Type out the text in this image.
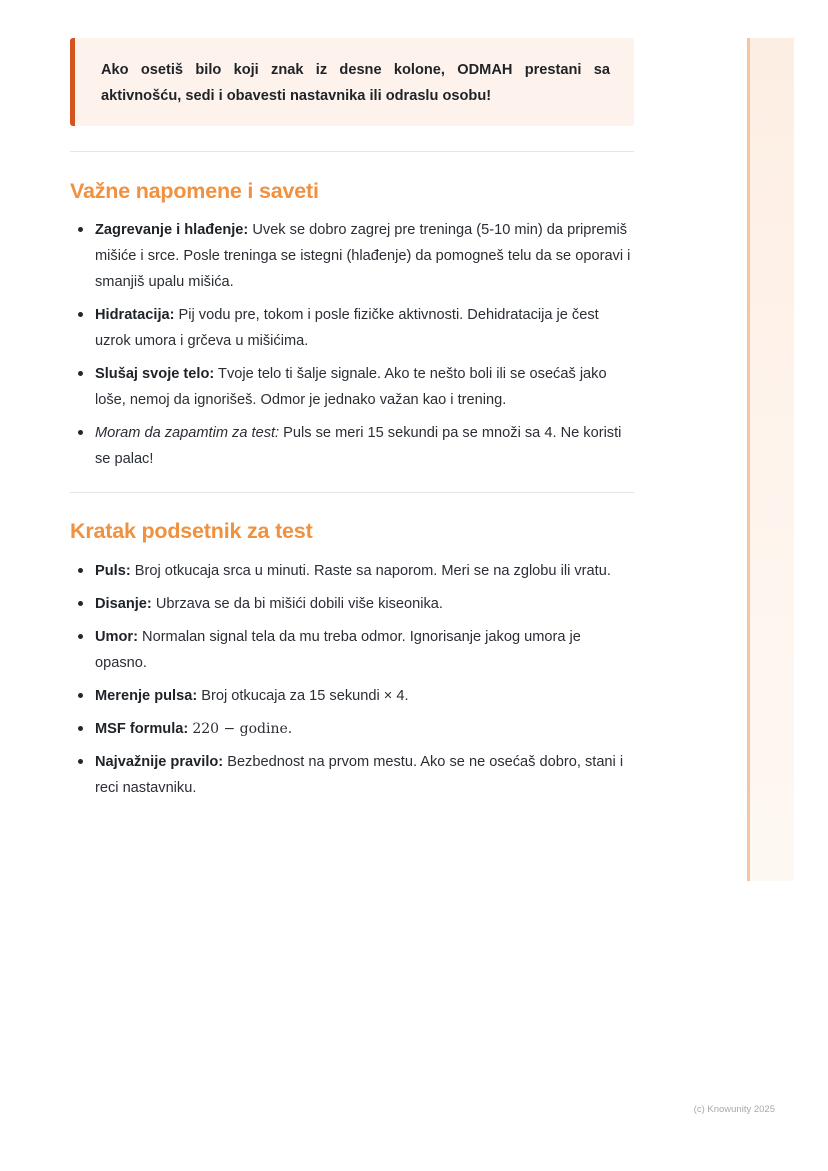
Ako osetiš bilo koji znak iz desne kolone, ODMAH prestani sa aktivnošću, sedi i obavesti nastavnika ili odraslu osobu!

Važne napomene i saveti
Zagrevanje i hlađenje: Uvek se dobro zagrej pre treninga (5-10 min) da pripremiš mišiće i srce. Posle treninga se istegni (hlađenje) da pomogneš telu da se oporavi i smanjiš upalu mišića.
Hidratacija: Pij vodu pre, tokom i posle fizičke aktivnosti. Dehidratacija je čest uzrok umora i grčeva u mišićima.
Slušaj svoje telo: Tvoje telo ti šalje signale. Ako te nešto boli ili se osećaš jako loše, nemoj da ignorišeš. Odmor je jednako važan kao i trening.
Moram da zapamtim za test: Puls se meri 15 sekundi pa se množi sa 4. Ne koristi se palac!
Kratak podsetnik za test
Puls: Broj otkucaja srca u minuti. Raste sa naporom. Meri se na zglobu ili vratu.
Disanje: Ubrzava se da bi mišići dobili više kiseonika.
Umor: Normalan signal tela da mu treba odmor. Ignorisanje jakog umora je opasno.
Merenje pulsa: Broj otkucaja za 15 sekundi × 4.
MSF formula: 220 − godine.
Najvažnije pravilo: Bezbednost na prvom mestu. Ako se ne osećaš dobro, stani i reci nastavniku.
(c) Knowunity 2025
